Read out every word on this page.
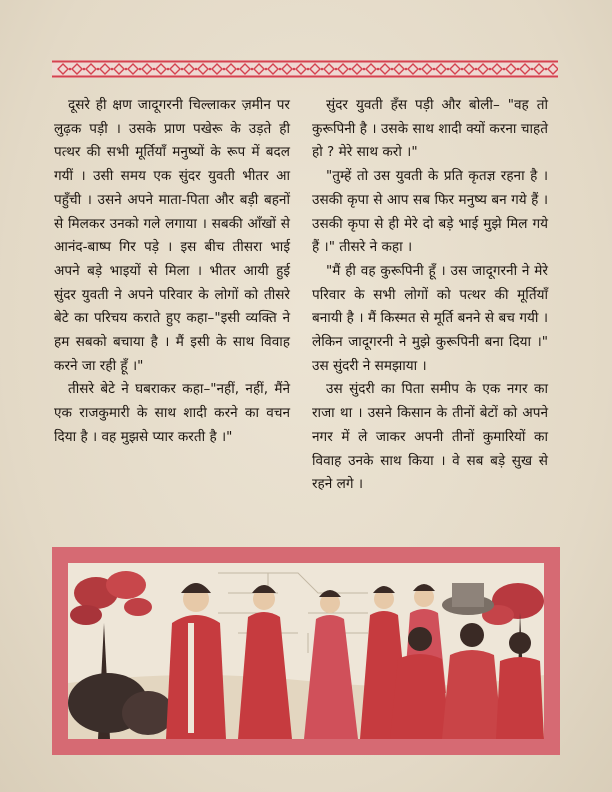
दूसरे ही क्षण जादूगरनी चिल्लाकर ज़मीन पर लुढ़क पड़ी । उसके प्राण पखेरू के उड़ते ही पत्थर की सभी मूर्तियाँ मनुष्यों के रूप में बदल गयीं । उसी समय एक सुंदर युवती भीतर आ पहुँची । उसने अपने माता-पिता और बड़ी बहनों से मिलकर उनको गले लगाया । सबकी आँखों से आनंद-बाष्प गिर पड़े । इस बीच तीसरा भाई अपने बड़े भाइयों से मिला । भीतर आयी हुई सुंदर युवती ने अपने परिवार के लोगों को तीसरे बेटे का परिचय कराते हुए कहा–"इसी व्यक्ति ने हम सबको बचाया है । मैं इसी के साथ विवाह करने जा रही हूँ ।"

तीसरे बेटे ने घबराकर कहा–"नहीं, नहीं, मैंने एक राजकुमारी के साथ शादी करने का वचन दिया है । वह मुझसे प्यार करती है ।"

सुंदर युवती हँस पड़ी और बोली– "वह तो कुरूपिनी है । उसके साथ शादी क्यों करना चाहते हो ? मेरे साथ करो ।"

"तुम्हें तो उस युवती के प्रति कृतज्ञ रहना है । उसकी कृपा से आप सब फिर मनुष्य बन गये हैं । उसकी कृपा से ही मेरे दो बड़े भाई मुझे मिल गये हैं ।" तीसरे ने कहा ।

"मैं ही वह कुरूपिनी हूँ । उस जादूगरनी ने मेरे परिवार के सभी लोगों को पत्थर की मूर्तियाँ बनायी है । मैं किस्मत से मूर्ति बनने से बच गयी । लेकिन जादूगरनी ने मुझे कुरूपिनी बना दिया ।" उस सुंदरी ने समझाया ।

उस सुंदरी का पिता समीप के एक नगर का राजा था । उसने किसान के तीनों बेटों को अपने नगर में ले जाकर अपनी तीनों कुमारियों का विवाह उनके साथ किया । वे सब बड़े सुख से रहने लगे ।
